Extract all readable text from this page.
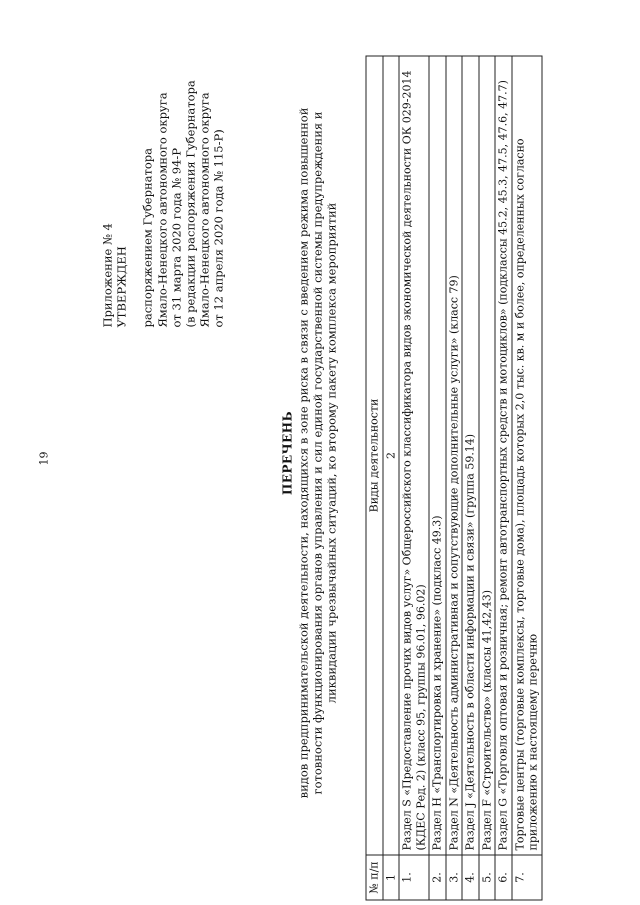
19
Приложение № 4 УТВЕРЖДЕН распоряжением Губернатора Ямало-Ненецкого автономного округа от 31 марта 2020 года № 94-Р (в редакции распоряжения Губернатора Ямало-Ненецкого автономного округа от 12 апреля 2020 года № 115-Р)
ПЕРЕЧЕНЬ видов предпринимательской деятельности, находящихся в зоне риска в связи с введением режима повышенной готовности функционирования органов управления и сил единой государственной системы предупреждения и ликвидации чрезвычайных ситуаций, ко второму пакету комплекса мероприятий
№ п/п	Виды деятельности
1	2
1.	Раздел S «Предоставление прочих видов услуг» Общероссийского классификатора видов экономической деятельности ОК 029-2014 (КДЕС Ред. 2) (класс 95, группы 96.01, 96.02)
2.	Раздел Н «Транспортировка и хранение» (подкласс 49.3)
3.	Раздел N «Деятельность административная и сопутствующие дополнительные услуги» (класс 79)
4.	Раздел J «Деятельность в области информации и связи» (группа 59.14)
5.	Раздел F «Строительство» (классы 41,42,43)
6.	Раздел G «Торговля оптовая и розничная; ремонт автотранспортных средств и мотоциклов» (подклассы 45.2, 45.3, 47.5, 47.6, 47.7)
7.	Торговые центры (торговые комплексы, торговые дома), площадь которых 2,0 тыс. кв. м и более, определенных согласно приложению к настоящему перечню
